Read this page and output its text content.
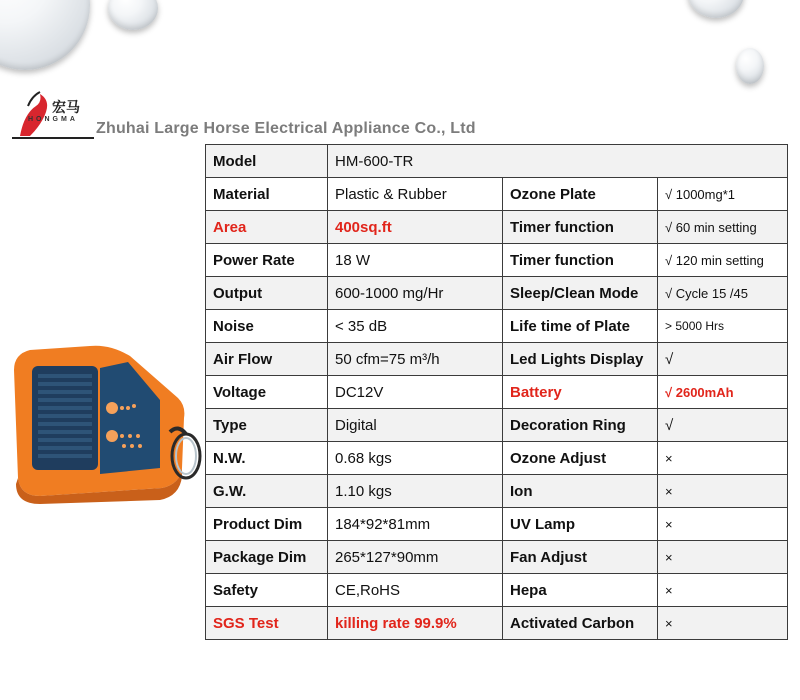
宏马
HONGMA
Zhuhai Large Horse Electrical Appliance Co., Ltd
Model	HM-600-TR		
Material	Plastic & Rubber	Ozone Plate	√ 1000mg*1
Area	400sq.ft	Timer function	√ 60 min setting
Power Rate	18 W	Timer function	√ 120 min setting
Output	600-1000 mg/Hr	Sleep/Clean Mode	√ Cycle 15 /45
Noise	< 35 dB	Life time of Plate	> 5000 Hrs
Air Flow	50 cfm=75 m³/h	Led Lights Display	√
Voltage	DC12V	Battery	√ 2600mAh
Type	Digital	Decoration Ring	√
N.W.	0.68 kgs	Ozone Adjust	×
G.W.	1.10 kgs	Ion	×
Product Dim	184*92*81mm	UV Lamp	×
Package Dim	265*127*90mm	Fan Adjust	×
Safety	CE,RoHS	Hepa	×
SGS Test	killing rate 99.9%	Activated Carbon	×
